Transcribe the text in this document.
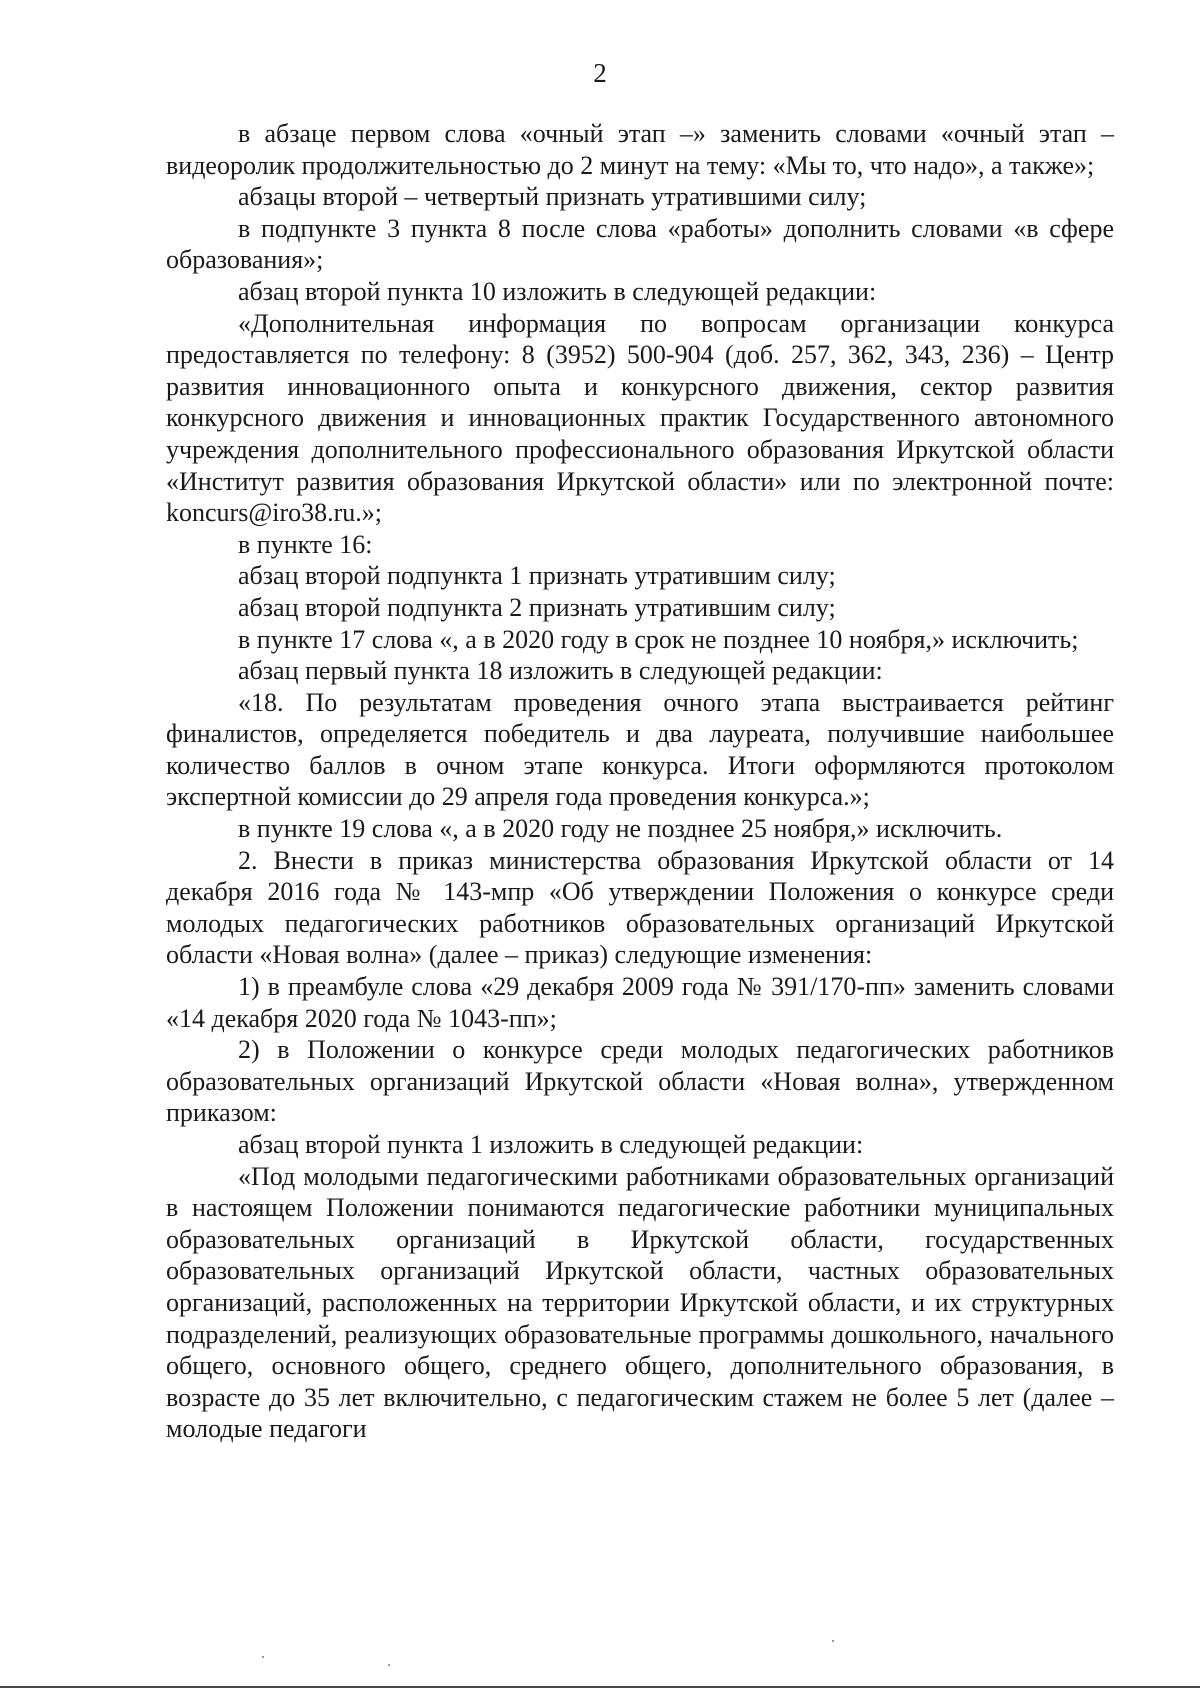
2

в абзаце первом слова «очный этап –» заменить словами «очный этап – видеоролик продолжительностью до 2 минут на тему: «Мы то, что надо», а также»;

абзацы второй – четвертый признать утратившими силу;

в подпункте 3 пункта 8 после слова «работы» дополнить словами «в сфере образования»;

абзац второй пункта 10 изложить в следующей редакции:

«Дополнительная информация по вопросам организации конкурса предоставляется по телефону: 8 (3952) 500-904 (доб. 257, 362, 343, 236) – Центр развития инновационного опыта и конкурсного движения, сектор развития конкурсного движения и инновационных практик Государственного автономного учреждения дополнительного профессионального образования Иркутской области «Институт развития образования Иркутской области» или по электронной почте: koncurs@iro38.ru.»;

в пункте 16:

абзац второй подпункта 1 признать утратившим силу;

абзац второй подпункта 2 признать утратившим силу;

в пункте 17 слова «, а в 2020 году в срок не позднее 10 ноября,» исключить;

абзац первый пункта 18 изложить в следующей редакции:

«18. По результатам проведения очного этапа выстраивается рейтинг финалистов, определяется победитель и два лауреата, получившие наибольшее количество баллов в очном этапе конкурса. Итоги оформляются протоколом экспертной комиссии до 29 апреля года проведения конкурса.»;

в пункте 19 слова «, а в 2020 году не позднее 25 ноября,» исключить.

2. Внести в приказ министерства образования Иркутской области от 14 декабря 2016 года № 143-мпр «Об утверждении Положения о конкурсе среди молодых педагогических работников образовательных организаций Иркутской области «Новая волна» (далее – приказ) следующие изменения:

1) в преамбуле слова «29 декабря 2009 года № 391/170-пп» заменить словами «14 декабря 2020 года № 1043-пп»;

2) в Положении о конкурсе среди молодых педагогических работников образовательных организаций Иркутской области «Новая волна», утвержденном приказом:

абзац второй пункта 1 изложить в следующей редакции:

«Под молодыми педагогическими работниками образовательных организаций в настоящем Положении понимаются педагогические работники муниципальных образовательных организаций в Иркутской области, государственных образовательных организаций Иркутской области, частных образовательных организаций, расположенных на территории Иркутской области, и их структурных подразделений, реализующих образовательные программы дошкольного, начального общего, основного общего, среднего общего, дополнительного образования, в возрасте до 35 лет включительно, с педагогическим стажем не более 5 лет (далее – молодые педагоги
